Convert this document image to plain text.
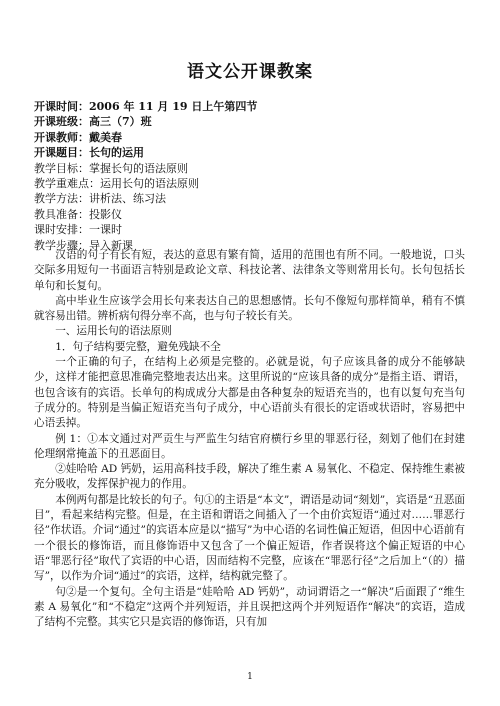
语文公开课教案
开课时间：2006 年 11 月 19 日上午第四节
开课班级：高三（7）班
开课教师：戴美春
开课题目：长句的运用
教学目标：掌握长句的语法原则
教学重难点：运用长句的语法原则
教学方法：讲析法、练习法
教具准备：投影仪
课时安排：一课时
教学步骤：导入新课

汉语的句子有长有短，表达的意思有繁有简，适用的范围也有所不同。一般地说，口头交际多用短句一书面语言特别是政论文章、科技论著、法律条文等则常用长句。长句包括长单句和长复句。

高中毕业生应该学会用长句来表达自己的思想感情。长句不像短句那样简单，稍有不慎就容易出错。辨析病句得分率不高，也与句子较长有关。

一、运用长句的语法原则

1．句子结构要完整，避免残缺不全

一个正确的句子，在结构上必须是完整的。必就是说，句子应该具备的成分不能够缺少，这样才能把意思准确完整地表达出来。这里所说的“应该具备的成分”是指主语、谓语，也包含该有的宾语。长单句的构成成分大都是由各种复杂的短语充当的，也有以复句充当句子成分的。特别是当偏正短语充当句子成分，中心语前头有很长的定语或状语时，容易把中心语丢掉。

例 1：①本文通过对严贡生与严监生匀结官府横行乡里的罪恶行径，刻划了他们在封建伦理纲常掩盖下的丑恶面目。

②娃哈哈 AD 钙奶，运用高科技手段，解决了维生素 A 易氧化、不稳定、保持维生素被充分吸收，发挥保护视力的作用。

本例两句都是比较长的句子。句①的主语是“本文”，谓语是动词“刻划”，宾语是“丑恶面目”，看起来结构完整。但是，在主语和谓语之间插入了一个由价宾短语“通过对……罪恶行径”作状语。介词“通过”的宾语本应是以“描写”为中心语的名词性偏正短语，但因中心语前有一个很长的修饰语，而且修饰语中又包含了一个偏正短语，作者误将这个偏正短语的中心语“罪恶行径”取代了宾语的中心语，因而结构不完整，应该在“罪恶行径”之后加上“（的）描写”，以作为介词“通过”的宾语，这样，结构就完整了。

句②是一个复句。全句主语是“娃哈哈 AD 钙奶”，动词谓语之一“解决”后面跟了“维生素 A 易氧化”和“不稳定”这两个并列短语，并且误把这两个并列短语作“解决”的宾语，造成了结构不完整。其实它只是宾语的修饰语，只有加

1
